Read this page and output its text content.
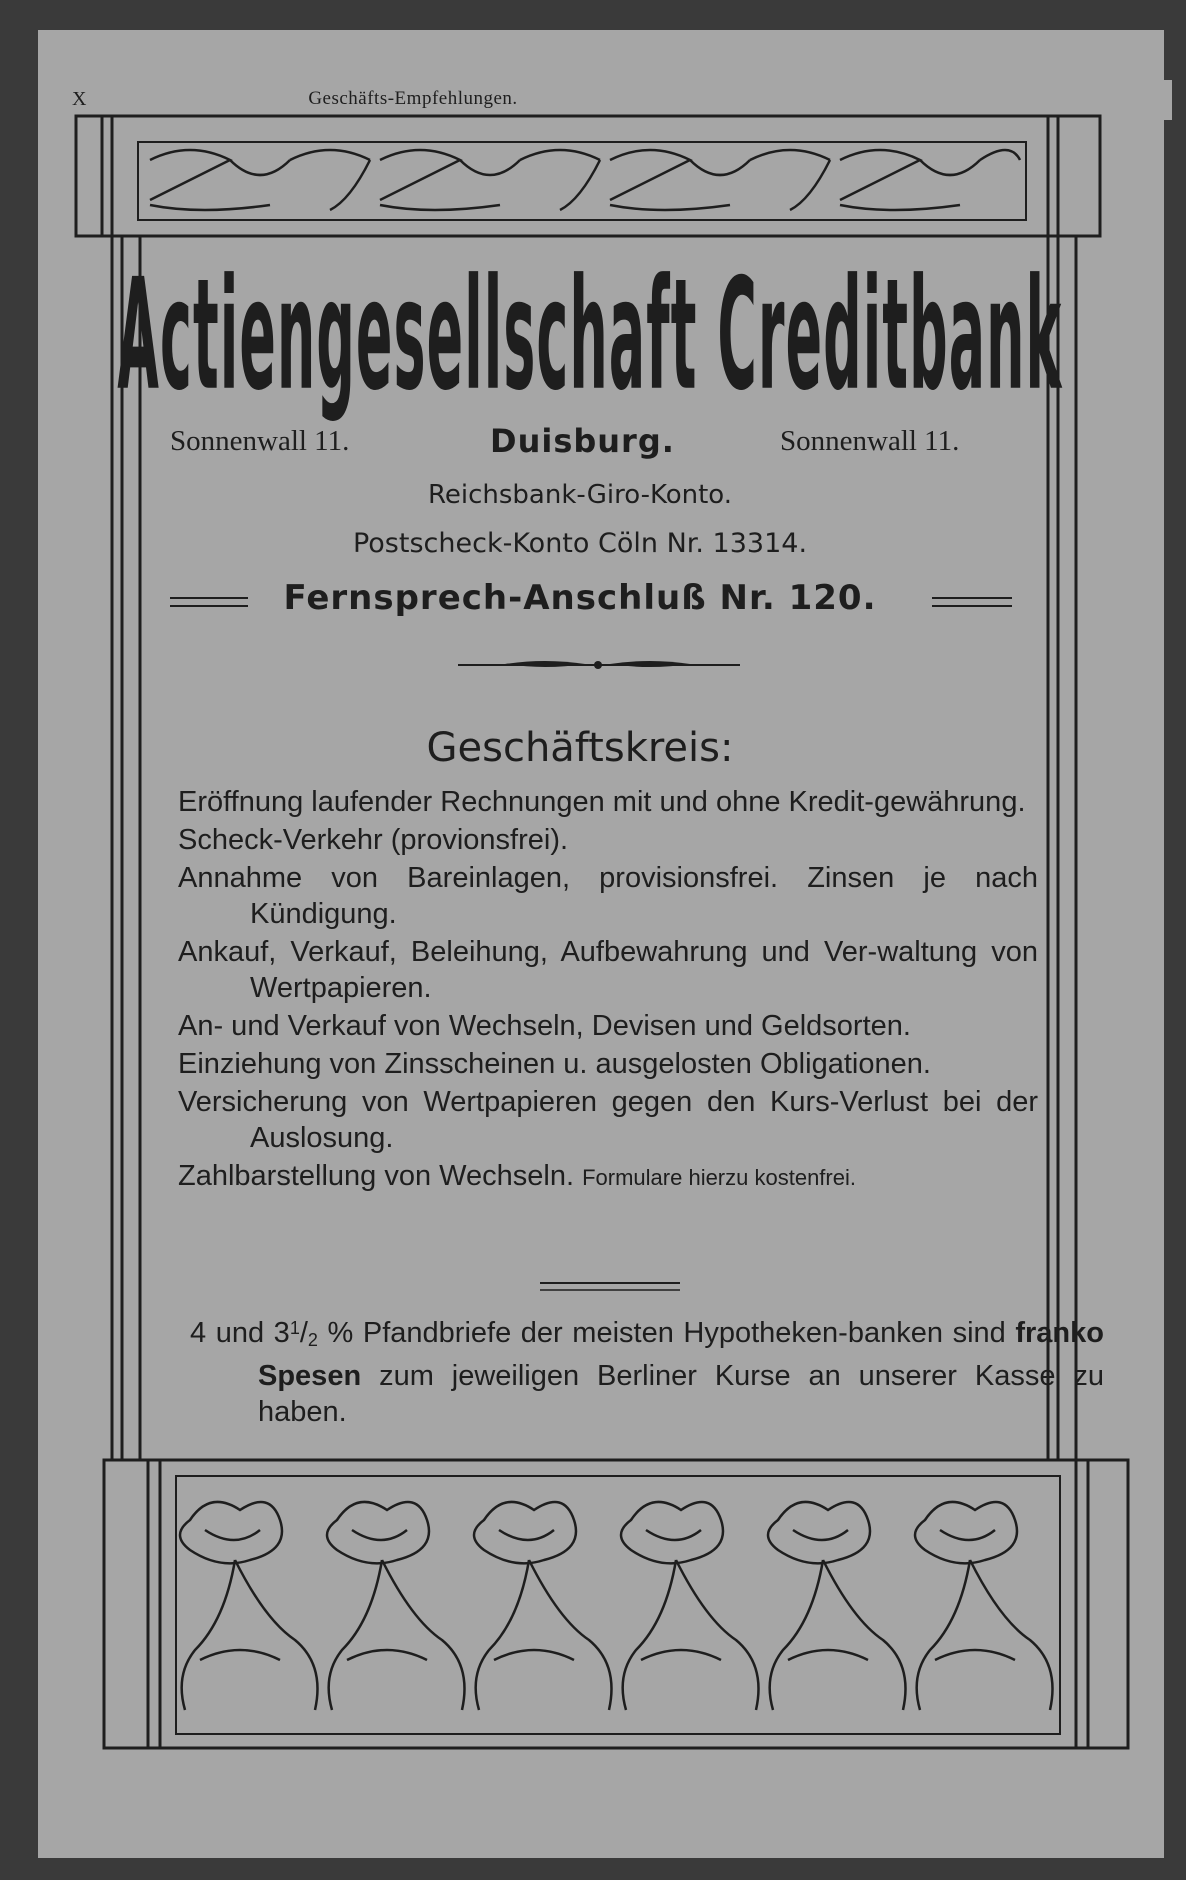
X	Geschäfts-Empfehlungen.
Actiengesellschaft Creditbank
Sonnenwall 11.	Duisburg.	Sonnenwall 11.
Reichsbank-Giro-Konto.
Postscheck-Konto Cöln Nr. 13314.
Fernsprech-Anschluß Nr. 120.
Geschäftskreis:

Eröffnung laufender Rechnungen mit und ohne Kredit-gewährung.

Scheck-Verkehr (provionsfrei).

Annahme von Bareinlagen, provisionsfrei. Zinsen je nach Kündigung.

Ankauf, Verkauf, Beleihung, Aufbewahrung und Ver-waltung von Wertpapieren.

An- und Verkauf von Wechseln, Devisen und Geldsorten.

Einziehung von Zinsscheinen u. ausgelosten Obligationen.

Versicherung von Wertpapieren gegen den Kurs-Verlust bei der Auslosung.

Zahlbarstellung von Wechseln. Formulare hierzu kostenfrei.

4 und $3^1/_2$ % Pfandbriefe der meisten Hypotheken-banken sind franko Spesen zum jeweiligen Berliner Kurse an unserer Kasse zu haben.
